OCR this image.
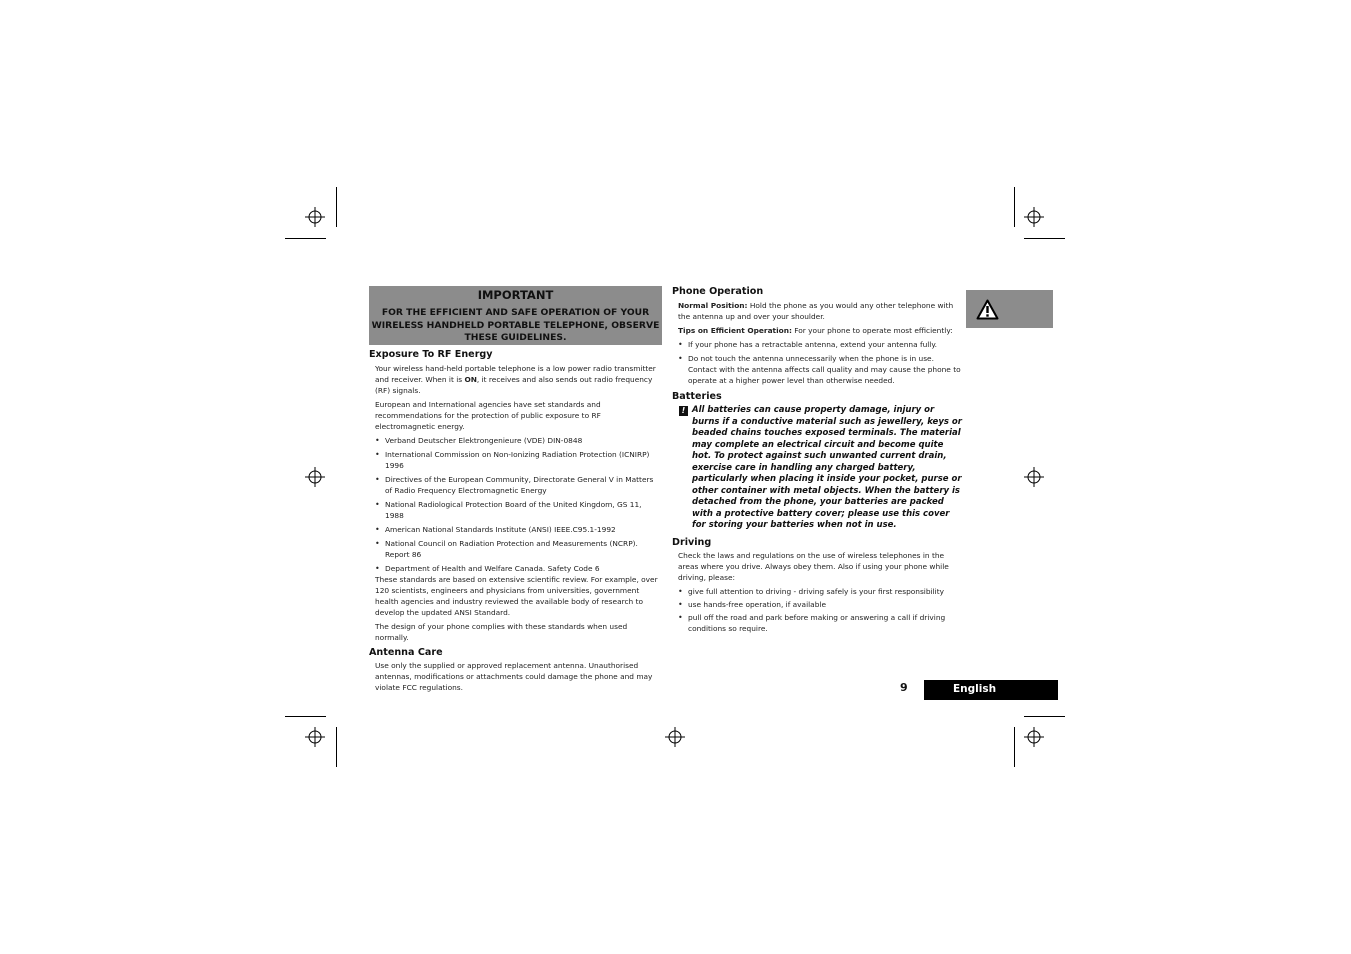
IMPORTANT
FOR THE EFFICIENT AND SAFE OPERATION OF YOUR WIRELESS HANDHELD PORTABLE TELEPHONE, OBSERVE THESE GUIDELINES.
Exposure To RF Energy

Your wireless hand-held portable telephone is a low power radio transmitter and receiver. When it is ON, it receives and also sends out radio frequency (RF) signals.

European and International agencies have set standards and recommendations for the protection of public exposure to RF electromagnetic energy.

• Verband Deutscher Elektrongenieure (VDE) DIN-0848
• International Commission on Non-Ionizing Radiation Protection (ICNIRP) 1996
• Directives of the European Community, Directorate General V in Matters of Radio Frequency Electromagnetic Energy
• National Radiological Protection Board of the United Kingdom, GS 11, 1988
• American National Standards Institute (ANSI) IEEE.C95.1-1992
• National Council on Radiation Protection and Measurements (NCRP). Report 86
• Department of Health and Welfare Canada. Safety Code 6

These standards are based on extensive scientific review. For example, over 120 scientists, engineers and physicians from universities, government health agencies and industry reviewed the available body of research to develop the updated ANSI Standard.

The design of your phone complies with these standards when used normally.

Antenna Care

Use only the supplied or approved replacement antenna. Unauthorised antennas, modifications or attachments could damage the phone and may violate FCC regulations.

Phone Operation

Normal Position: Hold the phone as you would any other telephone with the antenna up and over your shoulder.

Tips on Efficient Operation: For your phone to operate most efficiently:

• If your phone has a retractable antenna, extend your antenna fully.
• Do not touch the antenna unnecessarily when the phone is in use. Contact with the antenna affects call quality and may cause the phone to operate at a higher power level than otherwise needed.
Batteries
! All batteries can cause property damage, injury or burns if a conductive material such as jewellery, keys or beaded chains touches exposed terminals. The material may complete an electrical circuit and become quite hot. To protect against such unwanted current drain, exercise care in handling any charged battery, particularly when placing it inside your pocket, purse or other container with metal objects. When the battery is detached from the phone, your batteries are packed with a protective battery cover; please use this cover for storing your batteries when not in use.
Driving

Check the laws and regulations on the use of wireless telephones in the areas where you drive. Always obey them. Also if using your phone while driving, please:

• give full attention to driving - driving safely is your first responsibility
• use hands-free operation, if available
• pull off the road and park before making or answering a call if driving conditions so require.
9	English
